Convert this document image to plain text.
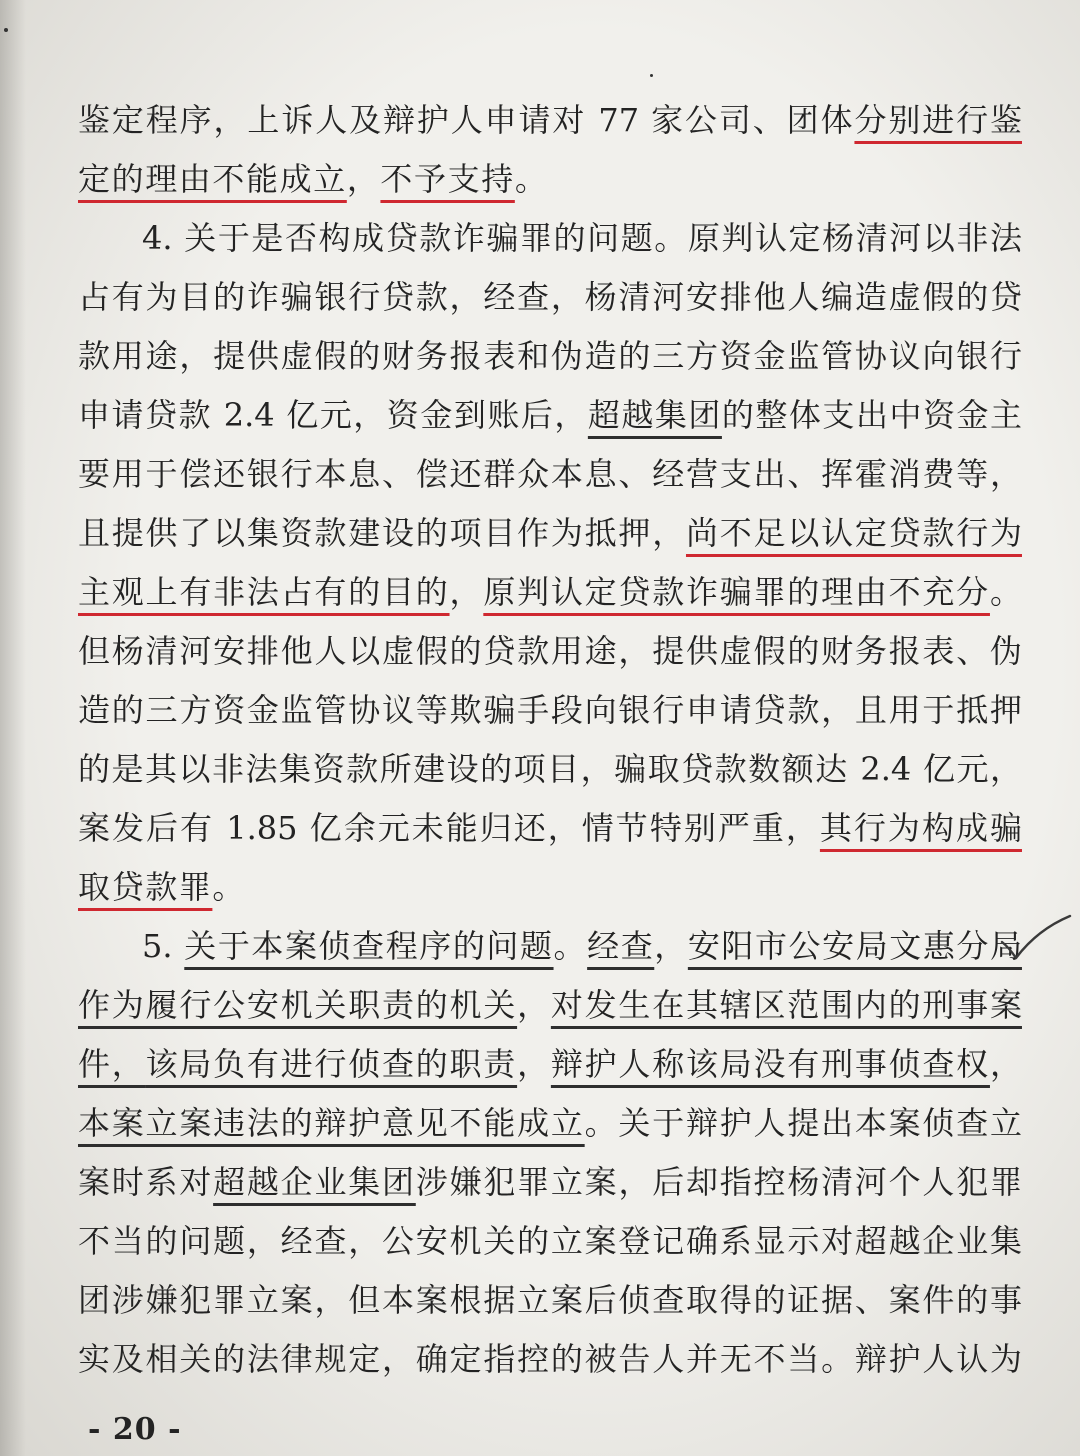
鉴定程序，上诉人及辩护人申请对 77 家公司、团体分别进行鉴
定的理由不能成立，不予支持。
4. 关于是否构成贷款诈骗罪的问题。原判认定杨清河以非法
占有为目的诈骗银行贷款，经查，杨清河安排他人编造虚假的贷
款用途，提供虚假的财务报表和伪造的三方资金监管协议向银行
申请贷款 2.4 亿元，资金到账后，超越集团的整体支出中资金主
要用于偿还银行本息、偿还群众本息、经营支出、挥霍消费等，
且提供了以集资款建设的项目作为抵押，尚不足以认定贷款行为
主观上有非法占有的目的，原判认定贷款诈骗罪的理由不充分。
但杨清河安排他人以虚假的贷款用途，提供虚假的财务报表、伪
造的三方资金监管协议等欺骗手段向银行申请贷款，且用于抵押
的是其以非法集资款所建设的项目，骗取贷款数额达 2.4 亿元，
案发后有 1.85 亿余元未能归还，情节特别严重，其行为构成骗
取贷款罪。
5. 关于本案侦查程序的问题。经查，安阳市公安局文惠分局
作为履行公安机关职责的机关，对发生在其辖区范围内的刑事案
件，该局负有进行侦查的职责，辩护人称该局没有刑事侦查权，
本案立案违法的辩护意见不能成立。关于辩护人提出本案侦查立
案时系对超越企业集团涉嫌犯罪立案，后却指控杨清河个人犯罪
不当的问题，经查，公安机关的立案登记确系显示对超越企业集
团涉嫌犯罪立案，但本案根据立案后侦查取得的证据、案件的事
实及相关的法律规定，确定指控的被告人并无不当。辩护人认为
- 20 -
